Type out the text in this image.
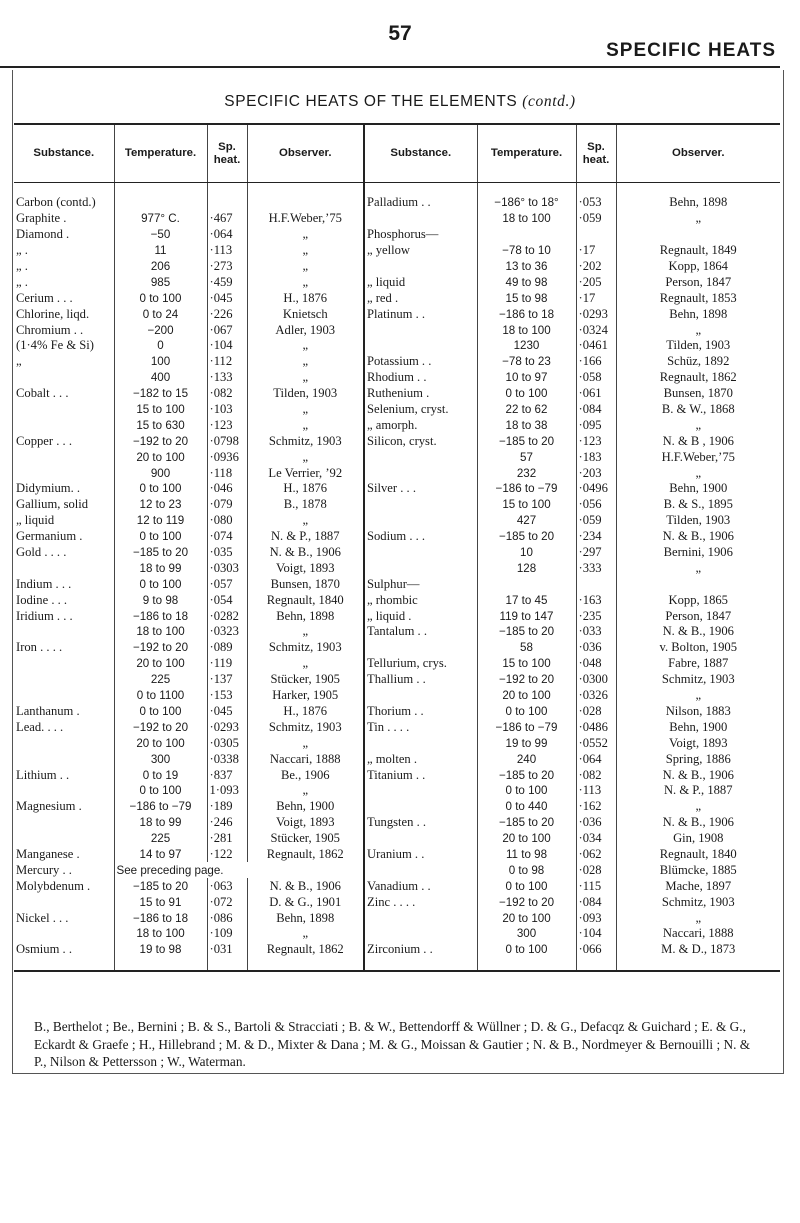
57
SPECIFIC HEATS
SPECIFIC HEATS OF THE ELEMENTS (contd.)
Substance.	Temperature.	Sp. heat.	Observer.	Substance.	Temperature.	Sp. heat.	Observer.

Carbon (contd.)				Palladium . .	−186° to 18°	·053	Behn, 1898
Graphite .	977° C.	·467	H.F.Weber,’75		18 to 100	·059	„
Diamond .	−50	·064	„	Phosphorus—			
„ .	11	·113	„	„ yellow	−78 to 10	·17	Regnault, 1849
„ .	206	·273	„		13 to 36	·202	Kopp, 1864
„ .	985	·459	„	„ liquid	49 to 98	·205	Person, 1847
Cerium . . .	0 to 100	·045	H., 1876	„ red .	15 to 98	·17	Regnault, 1853
Chlorine, liqd.	0 to 24	·226	Knietsch	Platinum . .	−186 to 18	·0293	Behn, 1898
Chromium . .	−200	·067	Adler, 1903		18 to 100	·0324	„
(1·4% Fe & Si)	0	·104	„		1230	·0461	Tilden, 1903
„	100	·112	„	Potassium . .	−78 to 23	·166	Schüz, 1892
	400	·133	„	Rhodium . .	10 to 97	·058	Regnault, 1862
Cobalt . . .	−182 to 15	·082	Tilden, 1903	Ruthenium .	0 to 100	·061	Bunsen, 1870
	15 to 100	·103	„	Selenium, cryst.	22 to 62	·084	B. & W., 1868
	15 to 630	·123	„	„ amorph.	18 to 38	·095	„
Copper . . .	−192 to 20	·0798	Schmitz, 1903	Silicon, cryst.	−185 to 20	·123	N. & B , 1906
	20 to 100	·0936	„		57	·183	H.F.Weber,’75
	900	·118	Le Verrier, ’92		232	·203	„
Didymium. .	0 to 100	·046	H., 1876	Silver . . .	−186 to −79	·0496	Behn, 1900
Gallium, solid	12 to 23	·079	B., 1878		15 to 100	·056	B. & S., 1895
„ liquid	12 to 119	·080	„		427	·059	Tilden, 1903
Germanium .	0 to 100	·074	N. & P., 1887	Sodium . . .	−185 to 20	·234	N. & B., 1906
Gold . . . .	−185 to 20	·035	N. & B., 1906		10	·297	Bernini, 1906
	18 to 99	·0303	Voigt, 1893		128	·333	„
Indium . . .	0 to 100	·057	Bunsen, 1870	Sulphur—			
Iodine . . .	9 to 98	·054	Regnault, 1840	„ rhombic	17 to 45	·163	Kopp, 1865
Iridium . . .	−186 to 18	·0282	Behn, 1898	„ liquid .	119 to 147	·235	Person, 1847
	18 to 100	·0323	„	Tantalum . .	−185 to 20	·033	N. & B., 1906
Iron . . . .	−192 to 20	·089	Schmitz, 1903		58	·036	v. Bolton, 1905
	20 to 100	·119	„	Tellurium, crys.	15 to 100	·048	Fabre, 1887
	225	·137	Stücker, 1905	Thallium . .	−192 to 20	·0300	Schmitz, 1903
	0 to 1100	·153	Harker, 1905		20 to 100	·0326	„
Lanthanum .	0 to 100	·045	H., 1876	Thorium . .	0 to 100	·028	Nilson, 1883
Lead. . . .	−192 to 20	·0293	Schmitz, 1903	Tin . . . .	−186 to −79	·0486	Behn, 1900
	20 to 100	·0305	„		19 to 99	·0552	Voigt, 1893
	300	·0338	Naccari, 1888	„ molten .	240	·064	Spring, 1886
Lithium . .	0 to 19	·837	Be., 1906	Titanium . .	−185 to 20	·082	N. & B., 1906
	0 to 100	1·093	„		0 to 100	·113	N. & P., 1887
Magnesium .	−186 to −79	·189	Behn, 1900		0 to 440	·162	„
	18 to 99	·246	Voigt, 1893	Tungsten . .	−185 to 20	·036	N. & B., 1906
	225	·281	Stücker, 1905		20 to 100	·034	Gin, 1908
Manganese .	14 to 97	·122	Regnault, 1862	Uranium . .	11 to 98	·062	Regnault, 1840
Mercury . .	See preceding page.				0 to 98	·028	Blümcke, 1885
Molybdenum .	−185 to 20	·063	N. & B., 1906	Vanadium . .	0 to 100	·115	Mache, 1897
	15 to 91	·072	D. & G., 1901	Zinc . . . .	−192 to 20	·084	Schmitz, 1903
Nickel . . .	−186 to 18	·086	Behn, 1898		20 to 100	·093	„
	18 to 100	·109	„		300	·104	Naccari, 1888
Osmium . .	19 to 98	·031	Regnault, 1862	Zirconium . .	0 to 100	·066	M. & D., 1873

B., Berthelot ; Be., Bernini ; B. & S., Bartoli & Stracciati ; B. & W., Bettendorff & Wüllner ; D. & G., Defacqz & Guichard ; E. & G., Eckardt & Graefe ; H., Hillebrand ; M. & D., Mixter & Dana ; M. & G., Moissan & Gautier ; N. & B., Nordmeyer & Bernouilli ; N. & P., Nilson & Pettersson ; W., Waterman.
